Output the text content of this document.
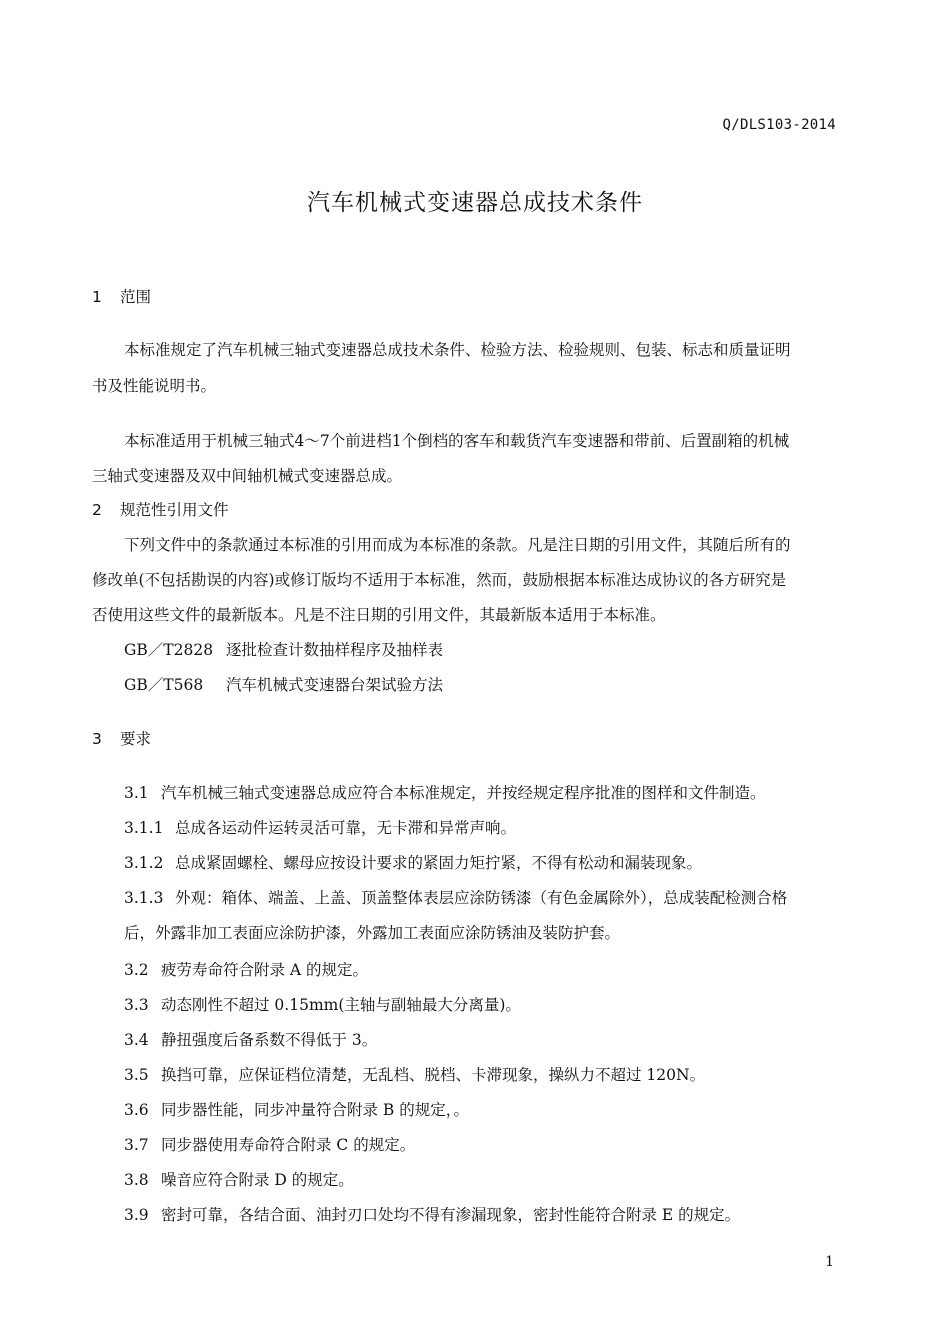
Q/DLS103-2014
汽车机械式变速器总成技术条件
1 范围
本标准规定了汽车机械三轴式变速器总成技术条件、检验方法、检验规则、包装、标志和质量证明
书及性能说明书。
本标准适用于机械三轴式4～7个前进档1个倒档的客车和载货汽车变速器和带前、后置副箱的机械
三轴式变速器及双中间轴机械式变速器总成。
2 规范性引用文件
下列文件中的条款通过本标准的引用而成为本标准的条款。凡是注日期的引用文件，其随后所有的
修改单(不包括勘误的内容)或修订版均不适用于本标准，然而，鼓励根据本标准达成协议的各方研究是
否使用这些文件的最新版本。凡是不注日期的引用文件，其最新版本适用于本标准。
GB／T2828 逐批检查计数抽样程序及抽样表
GB／T568 汽车机械式变速器台架试验方法
3 要求
3.1 汽车机械三轴式变速器总成应符合本标准规定，并按经规定程序批准的图样和文件制造。
3.1.1 总成各运动件运转灵活可靠，无卡滞和异常声响。
3.1.2 总成紧固螺栓、螺母应按设计要求的紧固力矩拧紧，不得有松动和漏装现象。
3.1.3 外观：箱体、端盖、上盖、顶盖整体表层应涂防锈漆（有色金属除外），总成装配检测合格
后，外露非加工表面应涂防护漆，外露加工表面应涂防锈油及装防护套。
3.2 疲劳寿命符合附录 A 的规定。
3.3 动态刚性不超过 0.15mm(主轴与副轴最大分离量)。
3.4 静扭强度后备系数不得低于 3。
3.5 换挡可靠，应保证档位清楚，无乱档、脱档、卡滞现象，操纵力不超过 120N。
3.6 同步器性能，同步冲量符合附录 B 的规定，。
3.7 同步器使用寿命符合附录 C 的规定。
3.8 噪音应符合附录 D 的规定。
3.9 密封可靠，各结合面、油封刃口处均不得有渗漏现象，密封性能符合附录 E 的规定。
1
